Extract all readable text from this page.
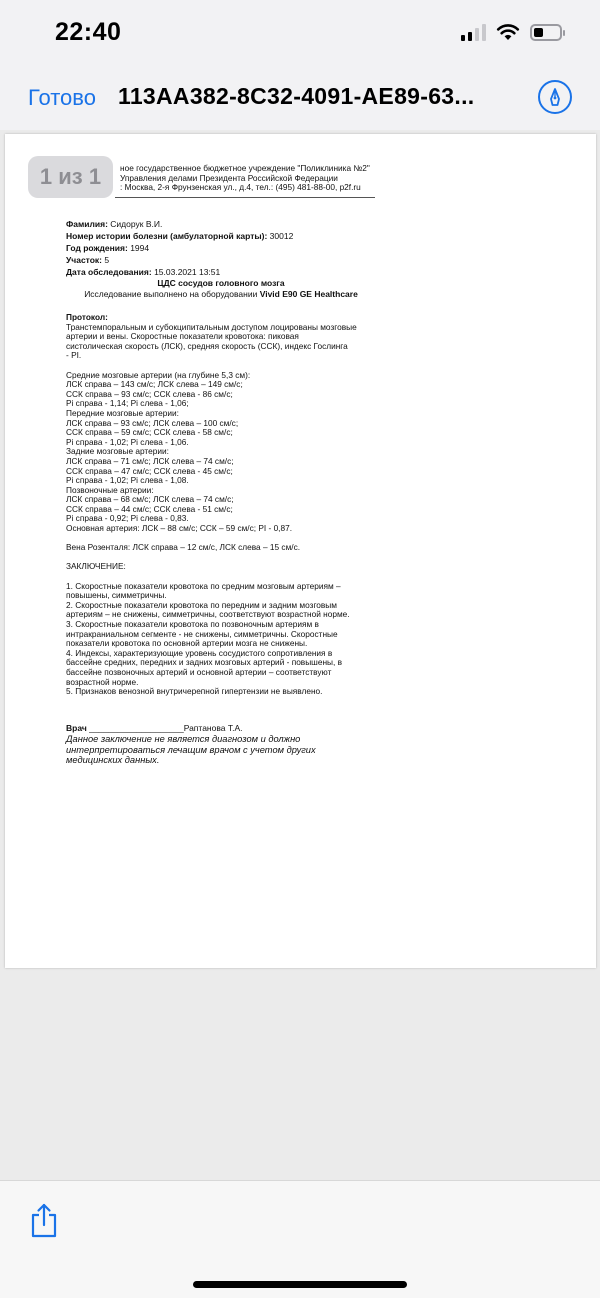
22:40
Готово 113AA382-8C32-4091-AE89-63...
ное государственное бюджетное учреждение "Поликлиника №2"
Управления делами Президента Российской Федерации
: Москва, 2-я Фрунзенская ул., д.4, тел.: (495) 481-88-00, p2f.ru
Фамилия: Сидорук В.И.
Номер истории болезни (амбулаторной карты): 30012
Год рождения: 1994
Участок: 5
Дата обследования: 15.03.2021 13:51
ЦДС сосудов головного мозга
Исследование выполнено на оборудовании Vivid E90 GE Healthcare
Протокол:
Транстемпоральным и субокципитальным доступом лоцированы мозговые
артерии и вены. Скоростные показатели кровотока: пиковая
систолическая скорость (ЛСК), средняя скорость (ССК), индекс Гослинга
- PI.

Средние мозговые артерии (на глубине 5,3 см):
ЛСК справа – 143 см/с; ЛСК слева – 149 см/с;
ССК справа – 93 см/с; ССК слева - 86 см/с;
Pi справа - 1,14; Pi слева - 1,06;
Передние мозговые артерии:
ЛСК справа – 93 см/с; ЛСК слева – 100 см/с;
ССК справа – 59 см/с; ССК слева - 58 см/с;
Pi справа - 1,02; Pi слева - 1,06.
Задние мозговые артерии:
ЛСК справа – 71 см/с; ЛСК слева – 74 см/с;
ССК справа – 47 см/с; ССК слева - 45 см/с;
Pi справа - 1,02; Pi слева - 1,08.
Позвоночные артерии:
ЛСК справа – 68 см/с; ЛСК слева – 74 см/с;
ССК справа – 44 см/с; ССК слева - 51 см/с;
Pi справа - 0,92; Pi слева - 0,83.
Основная артерия: ЛСК – 88 см/с; ССК – 59 см/с; PI - 0,87.

Вена Розенталя: ЛСК справа – 12 см/с, ЛСК слева – 15 см/с.

ЗАКЛЮЧЕНИЕ:

1. Скоростные показатели кровотока по средним мозговым артериям –
повышены, симметричны.
2. Скоростные показатели кровотока по передним и задним мозговым
артериям – не снижены, симметричны, соответствуют возрастной норме.
3. Скоростные показатели кровотока по позвоночным артериям в
интракраниальном сегменте - не снижены, симметричны. Скоростные
показатели кровотока по основной артерии мозга не снижены.
4. Индексы, характеризующие уровень сосудистого сопротивления в
бассейне средних, передних и задних мозговых артерий - повышены, в
бассейне позвоночных артерий и основной артерии – соответствуют
возрастной норме.
5. Признаков венозной внутричерепной гипертензии не выявлено.
Врач ____________________Раптанова Т.А.
Данное заключение не является диагнозом и должно интерпретироваться лечащим врачом с учетом других медицинских данных.
1 из 1
